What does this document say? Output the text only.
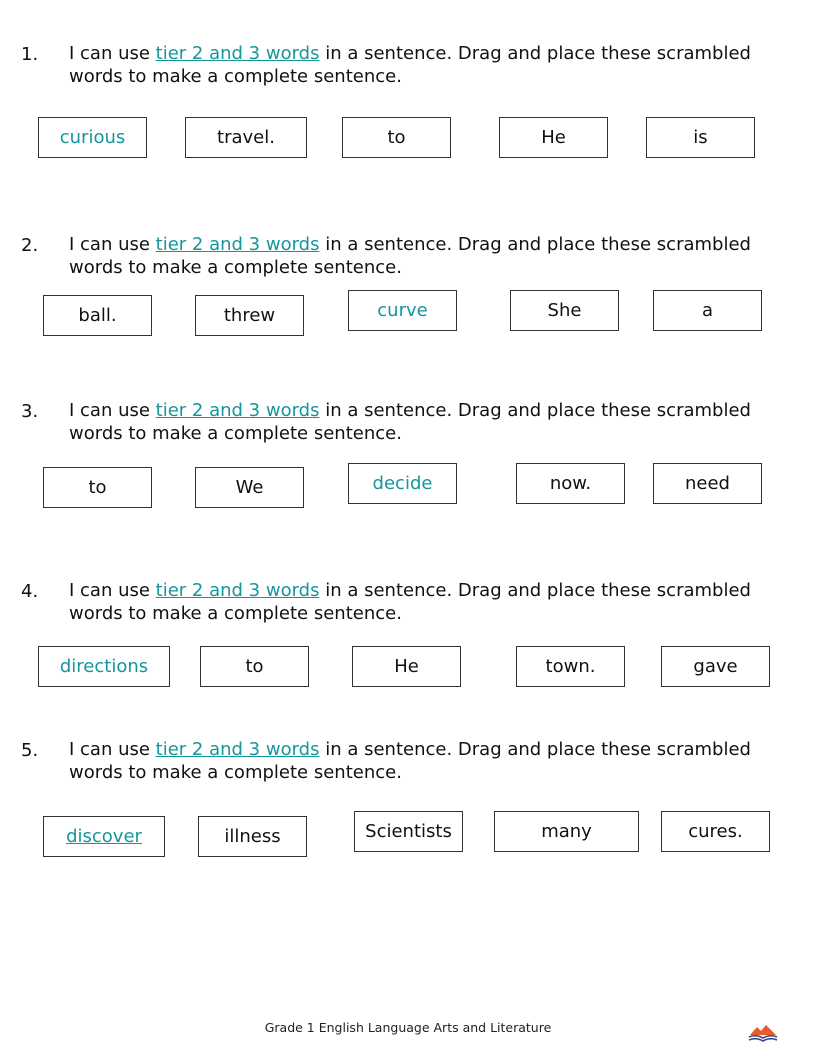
1. I can use tier 2 and 3 words in a sentence. Drag and place these scrambled words to make a complete sentence.
curious	travel.	to	He	is
2. I can use tier 2 and 3 words in a sentence. Drag and place these scrambled words to make a complete sentence.
ball.	threw	curve	She	a
3. I can use tier 2 and 3 words in a sentence. Drag and place these scrambled words to make a complete sentence.
to	We	decide	now.	need
4. I can use tier 2 and 3 words in a sentence. Drag and place these scrambled words to make a complete sentence.
directions	to	He	town.	gave
5. I can use tier 2 and 3 words in a sentence. Drag and place these scrambled words to make a complete sentence.
discover	illness	Scientists	many	cures.
Grade 1 English Language Arts and Literature
